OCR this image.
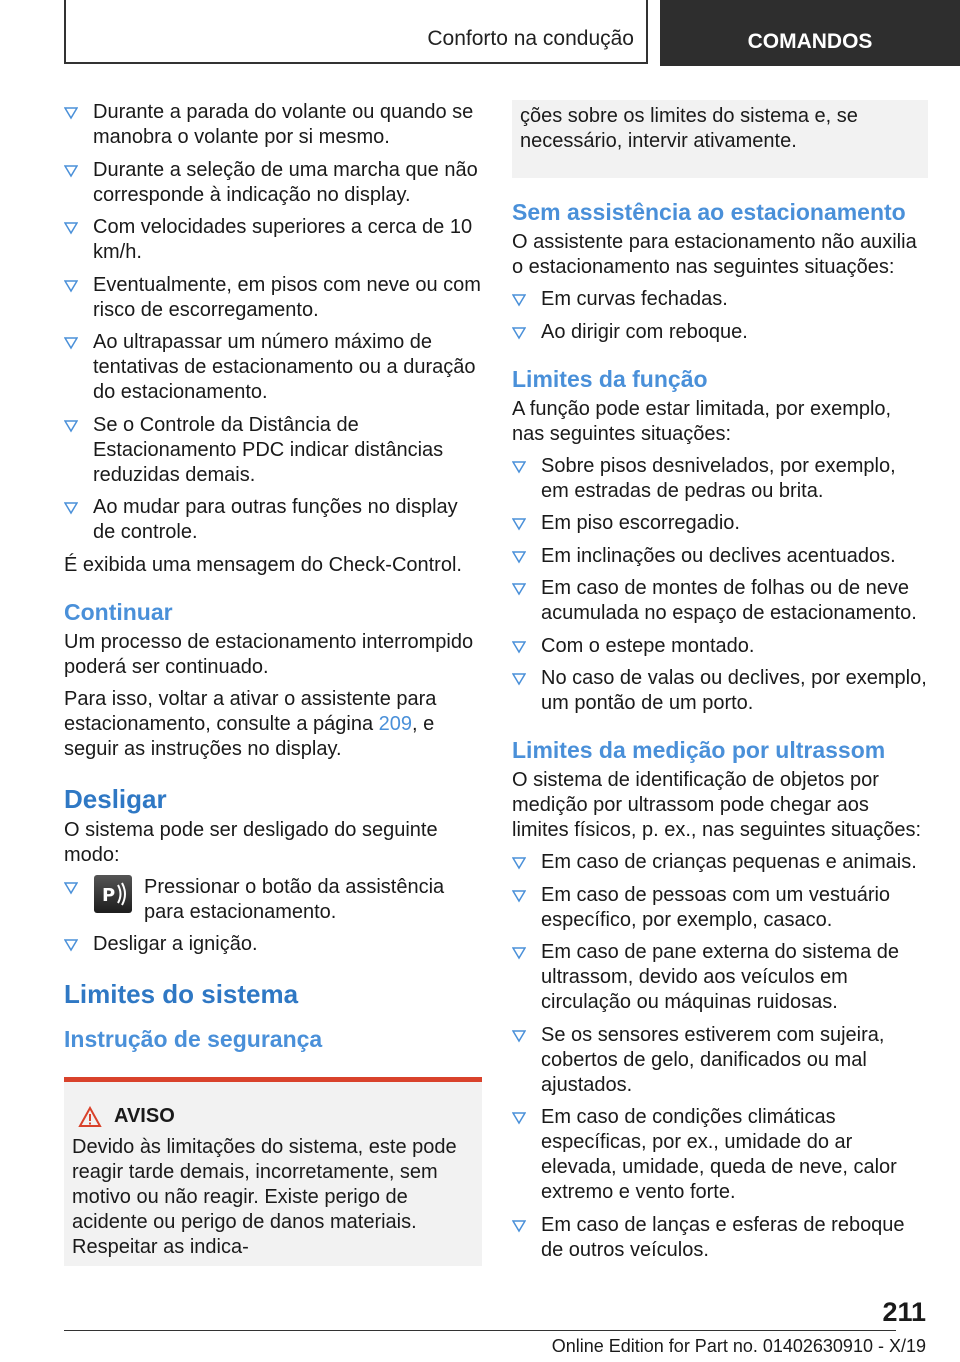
Conforto na condução	COMANDOS
Durante a parada do volante ou quando se manobra o volante por si mesmo.
Durante a seleção de uma marcha que não corresponde à indicação no display.
Com velocidades superiores a cerca de 10 km/h.
Eventualmente, em pisos com neve ou com risco de escorregamento.
Ao ultrapassar um número máximo de tentativas de estacionamento ou a duração do estacionamento.
Se o Controle da Distância de Estacionamento PDC indicar distâncias reduzidas demais.
Ao mudar para outras funções no display de controle.

É exibida uma mensagem do Check-Control.

Continuar

Um processo de estacionamento interrompido poderá ser continuado.

Para isso, voltar a ativar o assistente para estacionamento, consulte a página 209, e seguir as instruções no display.

Desligar

O sistema pode ser desligado do seguinte modo:

P Pressionar o botão da assistência para estacionamento.
Desligar a ignição.
Limites do sistema
Instrução de segurança
AVISO
Devido às limitações do sistema, este pode reagir tarde demais, incorretamente, sem motivo ou não reagir. Existe perigo de acidente ou perigo de danos materiais. Respeitar as indica-
ções sobre os limites do sistema e, se necessário, intervir ativamente.
Sem assistência ao estacionamento

O assistente para estacionamento não auxilia o estacionamento nas seguintes situações:

Em curvas fechadas.
Ao dirigir com reboque.
Limites da função

A função pode estar limitada, por exemplo, nas seguintes situações:

Sobre pisos desnivelados, por exemplo, em estradas de pedras ou brita.
Em piso escorregadio.
Em inclinações ou declives acentuados.
Em caso de montes de folhas ou de neve acumulada no espaço de estacionamento.
Com o estepe montado.
No caso de valas ou declives, por exemplo, um pontão de um porto.
Limites da medição por ultrassom

O sistema de identificação de objetos por medição por ultrassom pode chegar aos limites físicos, p. ex., nas seguintes situações:

Em caso de crianças pequenas e animais.
Em caso de pessoas com um vestuário específico, por exemplo, casaco.
Em caso de pane externa do sistema de ultrassom, devido aos veículos em circulação ou máquinas ruidosas.
Se os sensores estiverem com sujeira, cobertos de gelo, danificados ou mal ajustados.
Em caso de condições climáticas específicas, por ex., umidade do ar elevada, umidade, queda de neve, calor extremo e vento forte.
Em caso de lanças e esferas de reboque de outros veículos.
211
Online Edition for Part no. 01402630910 - X/19
